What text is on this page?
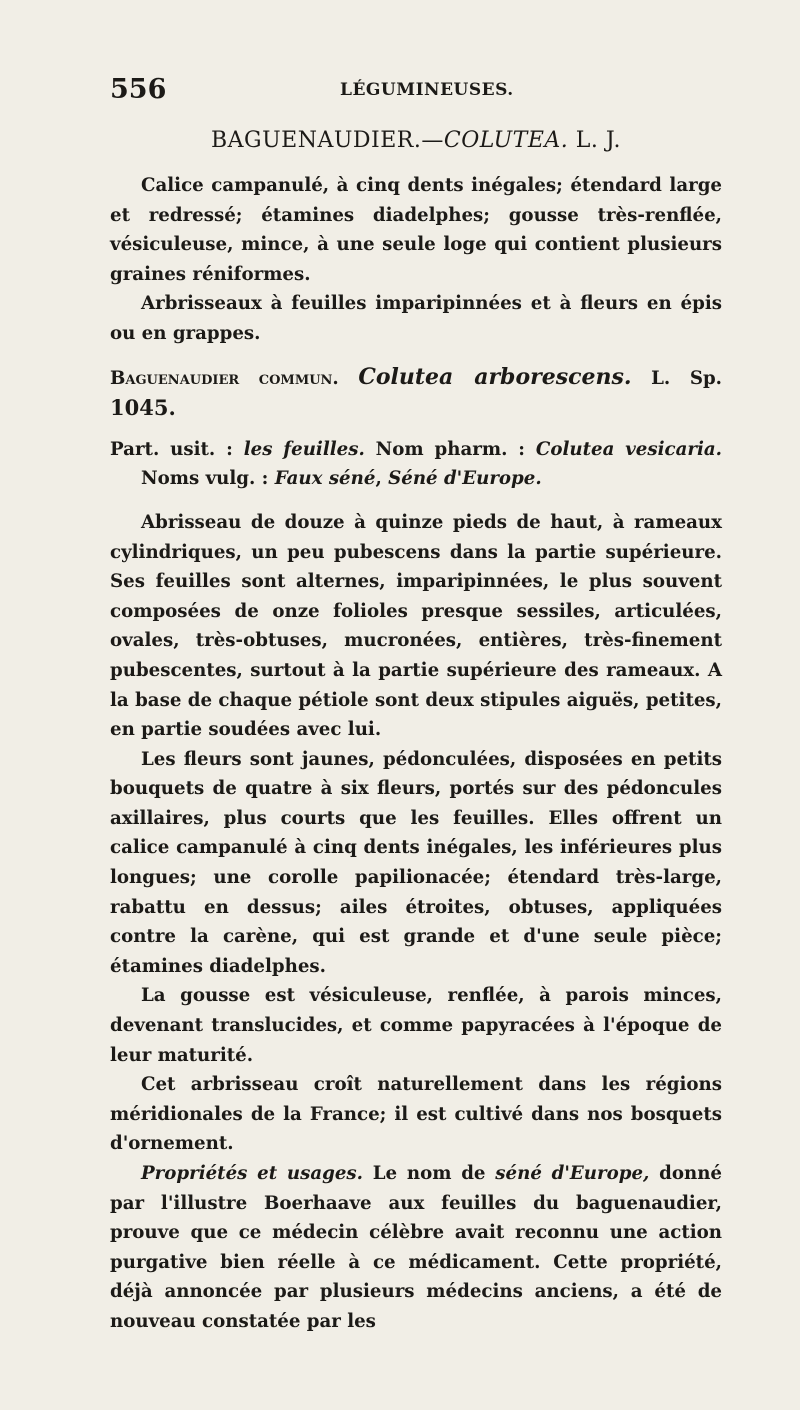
556	LÉGUMINEUSES.
BAGUENAUDIER.—COLUTEA. L. J.

Calice campanulé, à cinq dents inégales; étendard large et redressé; étamines diadelphes; gousse très-renflée, vésiculeuse, mince, à une seule loge qui contient plusieurs graines réniformes.

Arbrisseaux à feuilles imparipinnées et à fleurs en épis ou en grappes.

Baguenaudier commun. Colutea arborescens. L. Sp. 1045.

Part. usit. : les feuilles. Nom pharm. : Colutea vesicaria. Noms vulg. : Faux séné, Séné d'Europe.

Abrisseau de douze à quinze pieds de haut, à rameaux cylindriques, un peu pubescens dans la partie supérieure. Ses feuilles sont alternes, imparipinnées, le plus souvent composées de onze folioles presque sessiles, articulées, ovales, très-obtuses, mucronées, entières, très-finement pubescentes, surtout à la partie supérieure des rameaux. A la base de chaque pétiole sont deux stipules aiguës, petites, en partie soudées avec lui.

Les fleurs sont jaunes, pédonculées, disposées en petits bouquets de quatre à six fleurs, portés sur des pédoncules axillaires, plus courts que les feuilles. Elles offrent un calice campanulé à cinq dents inégales, les inférieures plus longues; une corolle papilionacée; étendard très-large, rabattu en dessus; ailes étroites, obtuses, appliquées contre la carène, qui est grande et d'une seule pièce; étamines diadelphes.

La gousse est vésiculeuse, renflée, à parois minces, devenant translucides, et comme papyracées à l'époque de leur maturité.

Cet arbrisseau croît naturellement dans les régions méridionales de la France; il est cultivé dans nos bosquets d'ornement.

Propriétés et usages. Le nom de séné d'Europe, donné par l'illustre Boerhaave aux feuilles du baguenaudier, prouve que ce médecin célèbre avait reconnu une action purgative bien réelle à ce médicament. Cette propriété, déjà annoncée par plusieurs médecins anciens, a été de nouveau constatée par les
